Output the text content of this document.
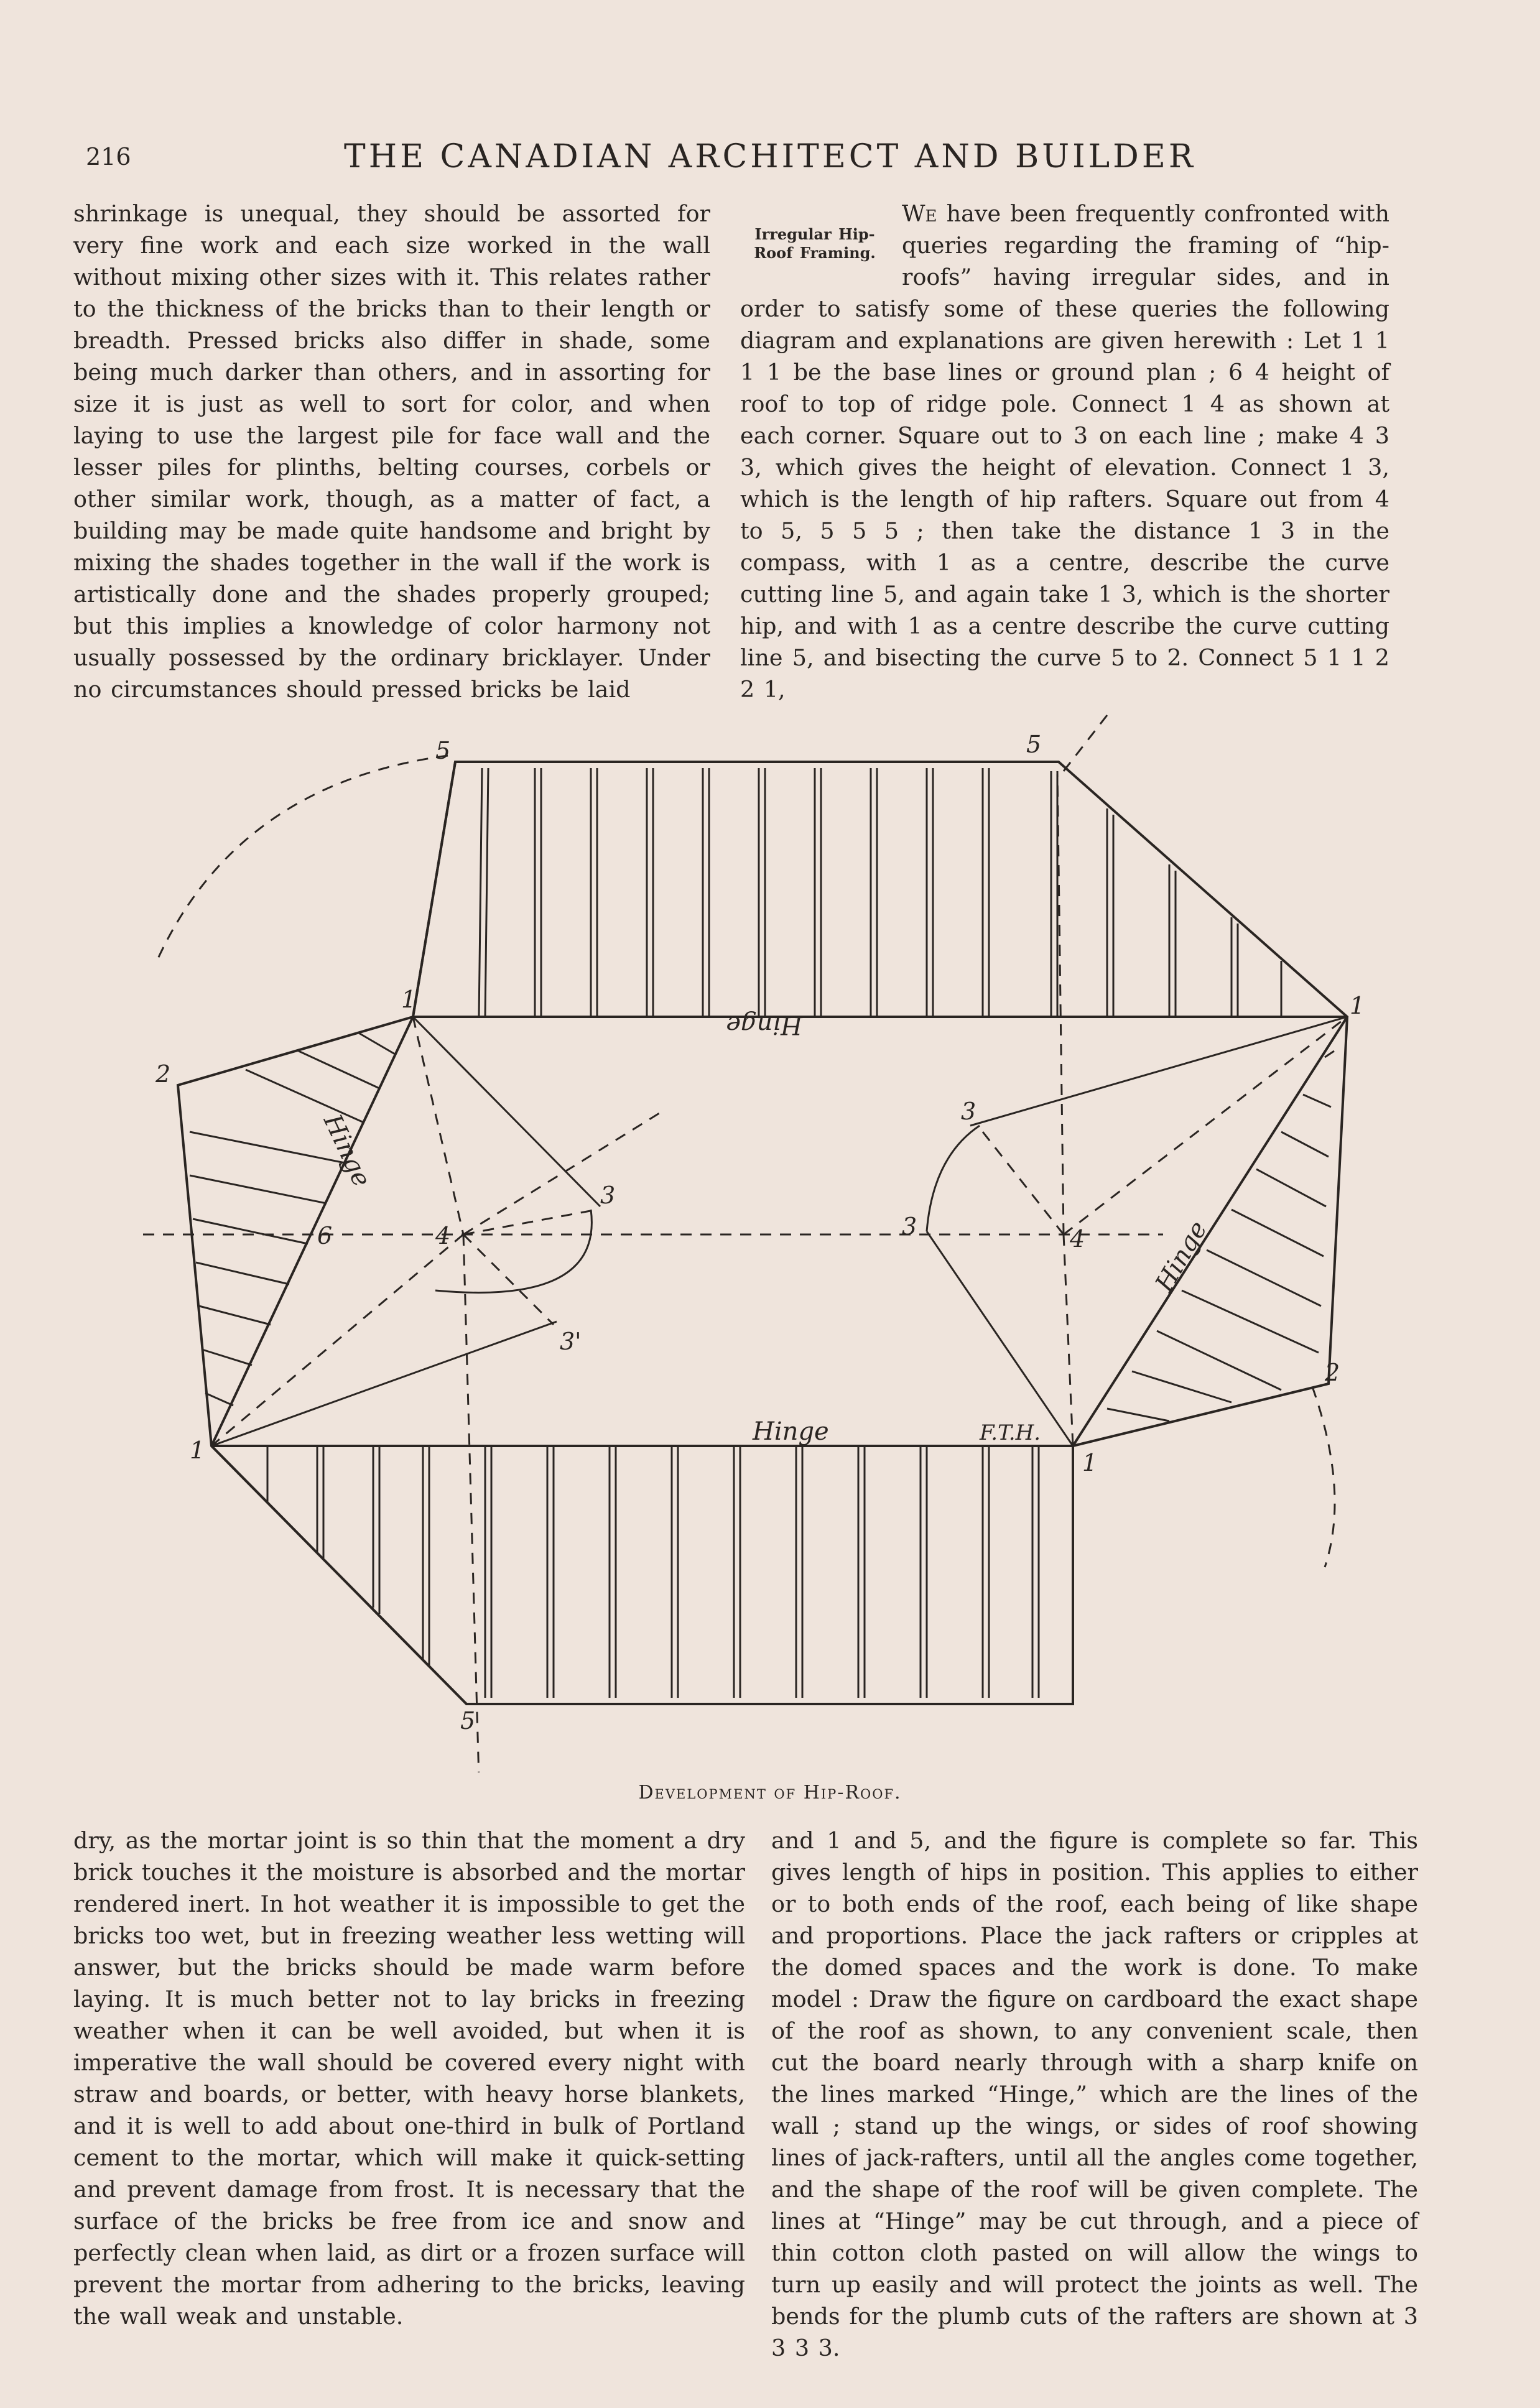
216	THE CANADIAN ARCHITECT AND BUILDER

shrinkage is unequal, they should be assorted for very fine work and each size worked in the wall without mixing other sizes with it. This relates rather to the thickness of the bricks than to their length or breadth. Pressed bricks also differ in shade, some being much darker than others, and in assorting for size it is just as well to sort for color, and when laying to use the largest pile for face wall and the lesser piles for plinths, belting courses, corbels or other similar work, though, as a matter of fact, a building may be made quite handsome and bright by mixing the shades together in the wall if the work is artistically done and the shades properly grouped; but this implies a knowledge of color harmony not usually possessed by the ordinary bricklayer. Under no circumstances should pressed bricks be laid

Irregular Hip-Roof Framing.

We have been frequently confronted with queries regarding the framing of “hip-roofs” having irregular sides, and in order to satisfy some of these queries the following diagram and explanations are given herewith : Let 1 1 1 1 be the base lines or ground plan ; 6 4 height of roof to top of ridge pole. Connect 1 4 as shown at each corner. Square out to 3 on each line ; make 4 3 3, which gives the height of elevation. Connect 1 3, which is the length of hip rafters. Square out from 4 to 5, 5 5 5 ; then take the distance 1 3 in the compass, with 1 as a centre, describe the curve cutting line 5, and again take 1 3, which is the shorter hip, and with 1 as a centre describe the curve cutting line 5, and bisecting the curve 5 to 2. Connect 5 1 1 2 2 1,

5	5
1	1
1	1
2
2
4	4
6
3
3
3
3'
5
F.T.H.
Hinge
Hinge
Hinge
Hinge
Development of Hip-Roof.

dry, as the mortar joint is so thin that the moment a dry brick touches it the moisture is absorbed and the mortar rendered inert. In hot weather it is impossible to get the bricks too wet, but in freezing weather less wetting will answer, but the bricks should be made warm before laying. It is much better not to lay bricks in freezing weather when it can be well avoided, but when it is imperative the wall should be covered every night with straw and boards, or better, with heavy horse blankets, and it is well to add about one-third in bulk of Portland cement to the mortar, which will make it quick-setting and prevent damage from frost. It is necessary that the surface of the bricks be free from ice and snow and perfectly clean when laid, as dirt or a frozen surface will prevent the mortar from adhering to the bricks, leaving the wall weak and unstable.

and 1 and 5, and the figure is complete so far. This gives length of hips in position. This applies to either or to both ends of the roof, each being of like shape and proportions. Place the jack rafters or cripples at the domed spaces and the work is done. To make model : Draw the figure on cardboard the exact shape of the roof as shown, to any convenient scale, then cut the board nearly through with a sharp knife on the lines marked “Hinge,” which are the lines of the wall ; stand up the wings, or sides of roof showing lines of jack-rafters, until all the angles come together, and the shape of the roof will be given complete. The lines at “Hinge” may be cut through, and a piece of thin cotton cloth pasted on will allow the wings to turn up easily and will protect the joints as well. The bends for the plumb cuts of the rafters are shown at 3 3 3 3.
